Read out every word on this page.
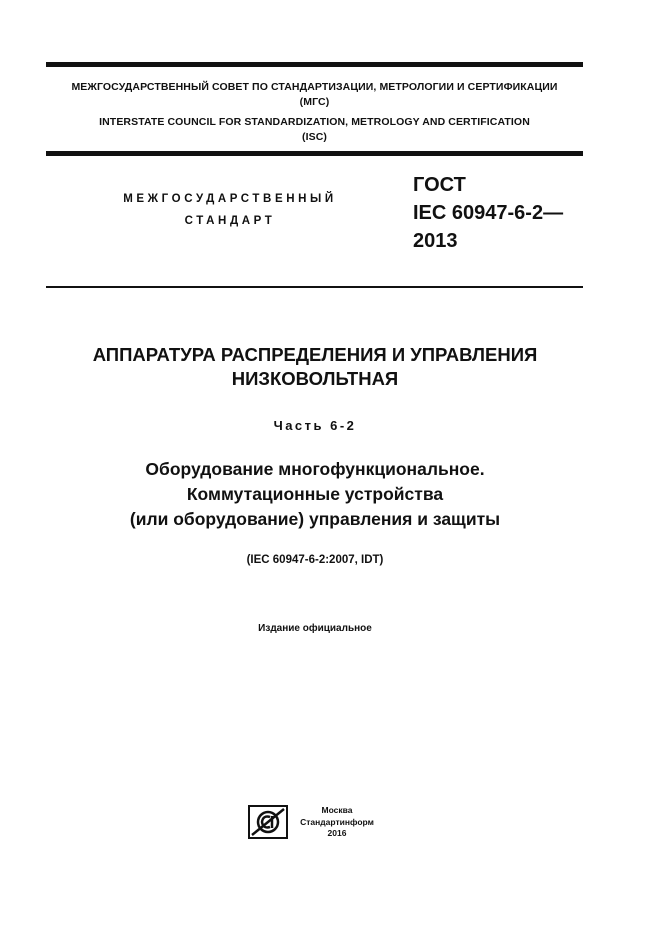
МЕЖГОСУДАРСТВЕННЫЙ СОВЕТ ПО СТАНДАРТИЗАЦИИ, МЕТРОЛОГИИ И СЕРТИФИКАЦИИ
(МГС)
INTERSTATE COUNCIL FOR STANDARDIZATION, METROLOGY AND CERTIFICATION
(ISC)
МЕЖГОСУДАРСТВЕННЫЙ
СТАНДАРТ
ГОСТ
IEC 60947-6-2—
2013
АППАРАТУРА РАСПРЕДЕЛЕНИЯ И УПРАВЛЕНИЯ
НИЗКОВОЛЬТНАЯ
Часть 6-2
Оборудование многофункциональное.
Коммутационные устройства
(или оборудование) управления и защиты
(IEC 60947-6-2:2007, IDT)
Издание официальное
Москва
Стандартинформ
2016
